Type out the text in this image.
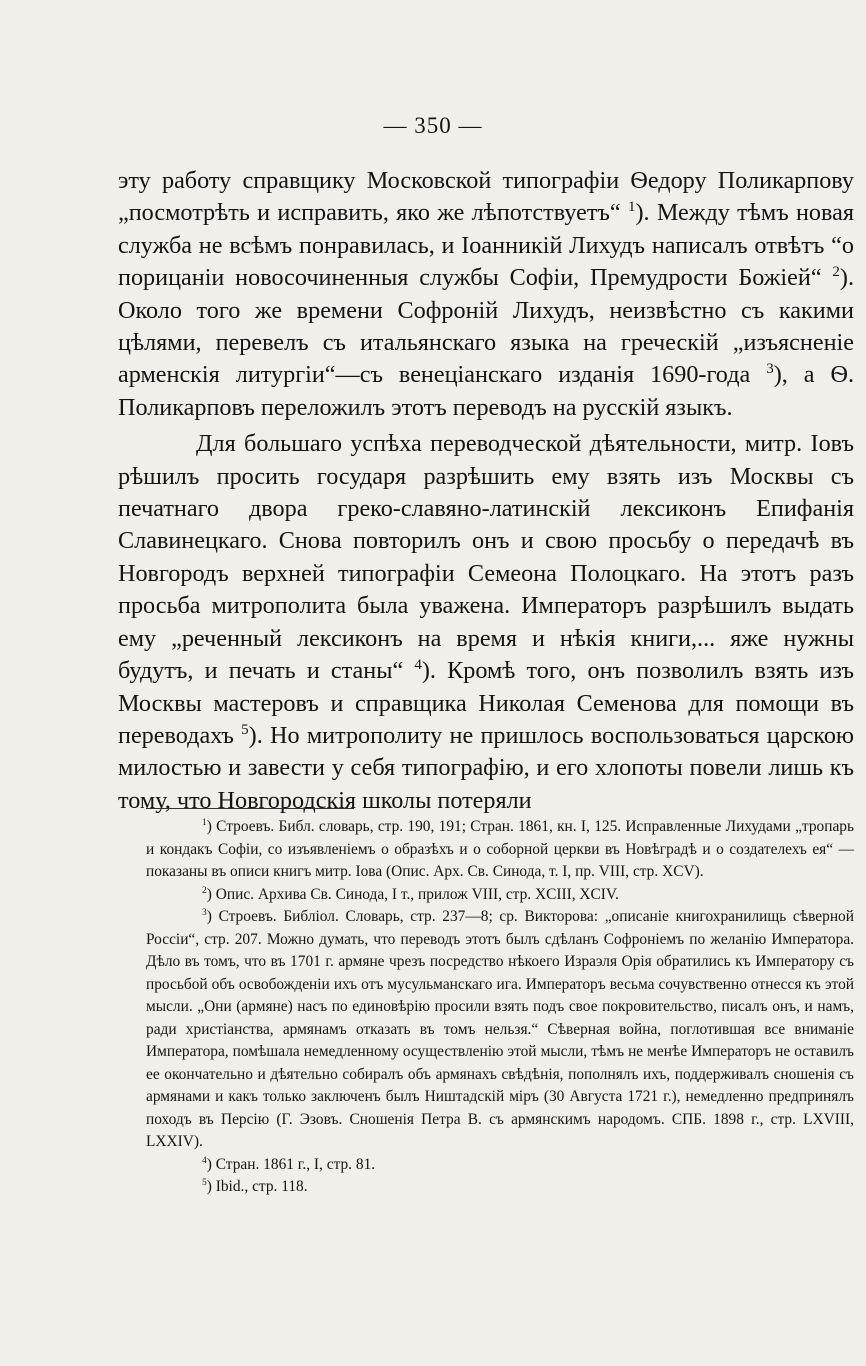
— 350 —

эту работу справщику Московской типографіи Ѳедору Поликарпову „посмотрѣть и исправить, яко же лѣпотствуетъ“ $^1$). Между тѣмъ новая служба не всѣмъ понравилась, и Іоанникій Лихудъ написалъ отвѣтъ “о порицаніи новосочиненныя службы Софіи, Премудрости Божіей“ $^2$). Около того же времени Софроній Лихудъ, неизвѣстно съ какими цѣлями, перевелъ съ итальянскаго языка на греческій „изъясненіе арменскія литургіи“—съ венеціанскаго изданія 1690-года $^3$), а Ѳ. Поликарповъ переложилъ этотъ переводъ на русскій языкъ.

Для большаго успѣха переводческой дѣятельности, митр. Іовъ рѣшилъ просить государя разрѣшить ему взять изъ Москвы съ печатнаго двора греко-славяно-латинскій лексиконъ Епифанія Славинецкаго. Снова повторилъ онъ и свою просьбу о передачѣ въ Новгородъ верхней типографіи Семеона Полоцкаго. На этотъ разъ просьба митрополита была уважена. Императоръ разрѣшилъ выдать ему „реченный лексиконъ на время и нѣкія книги,... яже нужны будутъ, и печать и станы“ $^4$). Кромѣ того, онъ позволилъ взять изъ Москвы мастеровъ и справщика Николая Семенова для помощи въ переводахъ $^5$). Но митрополиту не пришлось воспользоваться царскою милостью и завести у себя типографію, и его хлопоты повели лишь къ тому, что Новгородскія школы потеряли

$^1$) Строевъ. Библ. словарь, стр. 190, 191; Стран. 1861, кн. I, 125. Исправленные Лихудами „тропарь и кондакъ Софіи, со изъявленіемъ о образѣхъ и о соборной церкви въ Новѣградѣ и о создателехъ ея“ — показаны въ описи книгъ митр. Іова (Опис. Арх. Св. Синода, т. I, пр. VIII, стр. XCV).

$^2$) Опис. Архива Св. Синода, I т., прилож VIII, стр. XCIII, XCIV.

$^3$) Строевъ. Библіол. Словарь, стр. 237—8; ср. Викторова: „описаніе книгохранилищь сѣверной Россіи“, стр. 207. Можно думать, что переводъ этотъ былъ сдѣланъ Софроніемъ по желанію Императора. Дѣло въ томъ, что въ 1701 г. армяне чрезъ посредство нѣкоего Израэля Орія обратились къ Императору съ просьбой объ освобожденіи ихъ отъ мусульманскаго ига. Императоръ весьма сочувственно отнесся къ этой мысли. „Они (армяне) насъ по единовѣрію просили взять подъ свое покровительство, писалъ онъ, и намъ, ради христіанства, армянамъ отказать въ томъ нельзя.“ Сѣверная война, поглотившая все вниманіе Императора, помѣшала немедленному осуществленію этой мысли, тѣмъ не менѣе Императоръ не оставилъ ее окончательно и дѣятельно собиралъ объ армянахъ свѣдѣнія, пополнялъ ихъ, поддерживалъ сношенія съ армянами и какъ только заключенъ былъ Ништадскій міръ (30 Августа 1721 г.), немедленно предпринялъ походъ въ Персію (Г. Эзовъ. Сношенія Петра В. съ армянскимъ народомъ. СПБ. 1898 г., стр. LXVIII, LXXIV).

$^4$) Стран. 1861 г., I, стр. 81.

$^5$) Ibid., стр. 118.
